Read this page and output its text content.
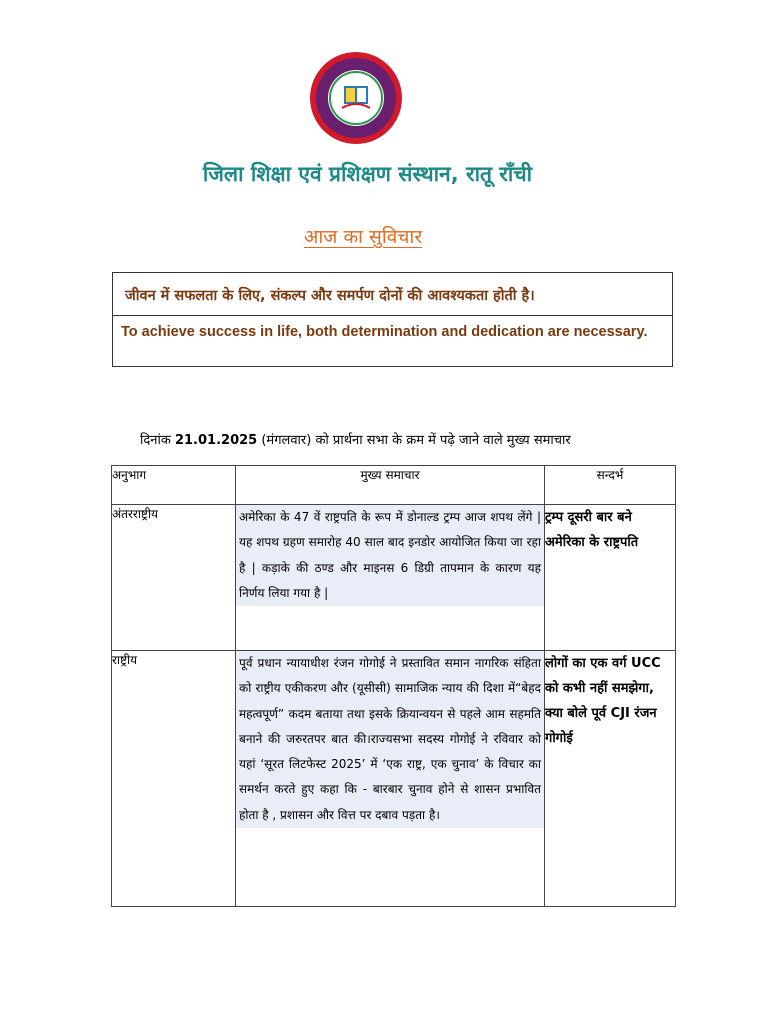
जिला शिक्षा एवं प्रशिक्षण संस्थान, रातू राँची
आज का सुविचार
जीवन में सफलता के लिए, संकल्प और समर्पण दोनों की आवश्यकता होती है।
To achieve success in life, both determination and dedication are necessary.
दिनांक 21.01.2025 (मंगलवार) को प्रार्थना सभा के क्रम में पढ़े जाने वाले मुख्य समाचार
अनुभाग	मुख्य समाचार	सन्दर्भ
अंतरराष्ट्रीय	अमेरिका के 47 वें राष्ट्रपति के रूप में डोनाल्ड ट्रम्प आज शपथ लेंगे | यह शपथ ग्रहण समारोह 40 साल बाद इनडोर आयोजित किया जा रहा है | कड़ाके की ठण्ड और माइनस 6 डिग्री तापमान के कारण यह निर्णय लिया गया है |	ट्रम्प दूसरी बार बने अमेरिका के राष्ट्रपति
राष्ट्रीय	पूर्व प्रधान न्यायाधीश रंजन गोगोई ने प्रस्तावित समान नागरिक संहिता को राष्ट्रीय एकीकरण और (यूसीसी) सामाजिक न्याय की दिशा में“बेहद महत्वपूर्ण” कदम बताया तथा इसके क्रियान्वयन से पहले आम सहमति बनाने की जरुरतपर बात की।राज्यसभा सदस्य गोगोई ने रविवार को यहां ‘सूरत लिटफेस्ट 2025’ में ‘एक राष्ट्र, एक चुनाव’ के विचार का समर्थन करते हुए कहा कि - बारबार चुनाव होने से शासन प्रभावित होता है , प्रशासन और वित्त पर दबाव पड़ता है।	लोगों का एक वर्ग UCC को कभी नहीं समझेगा, क्या बोले पूर्व CJI रंजन गोगोई
